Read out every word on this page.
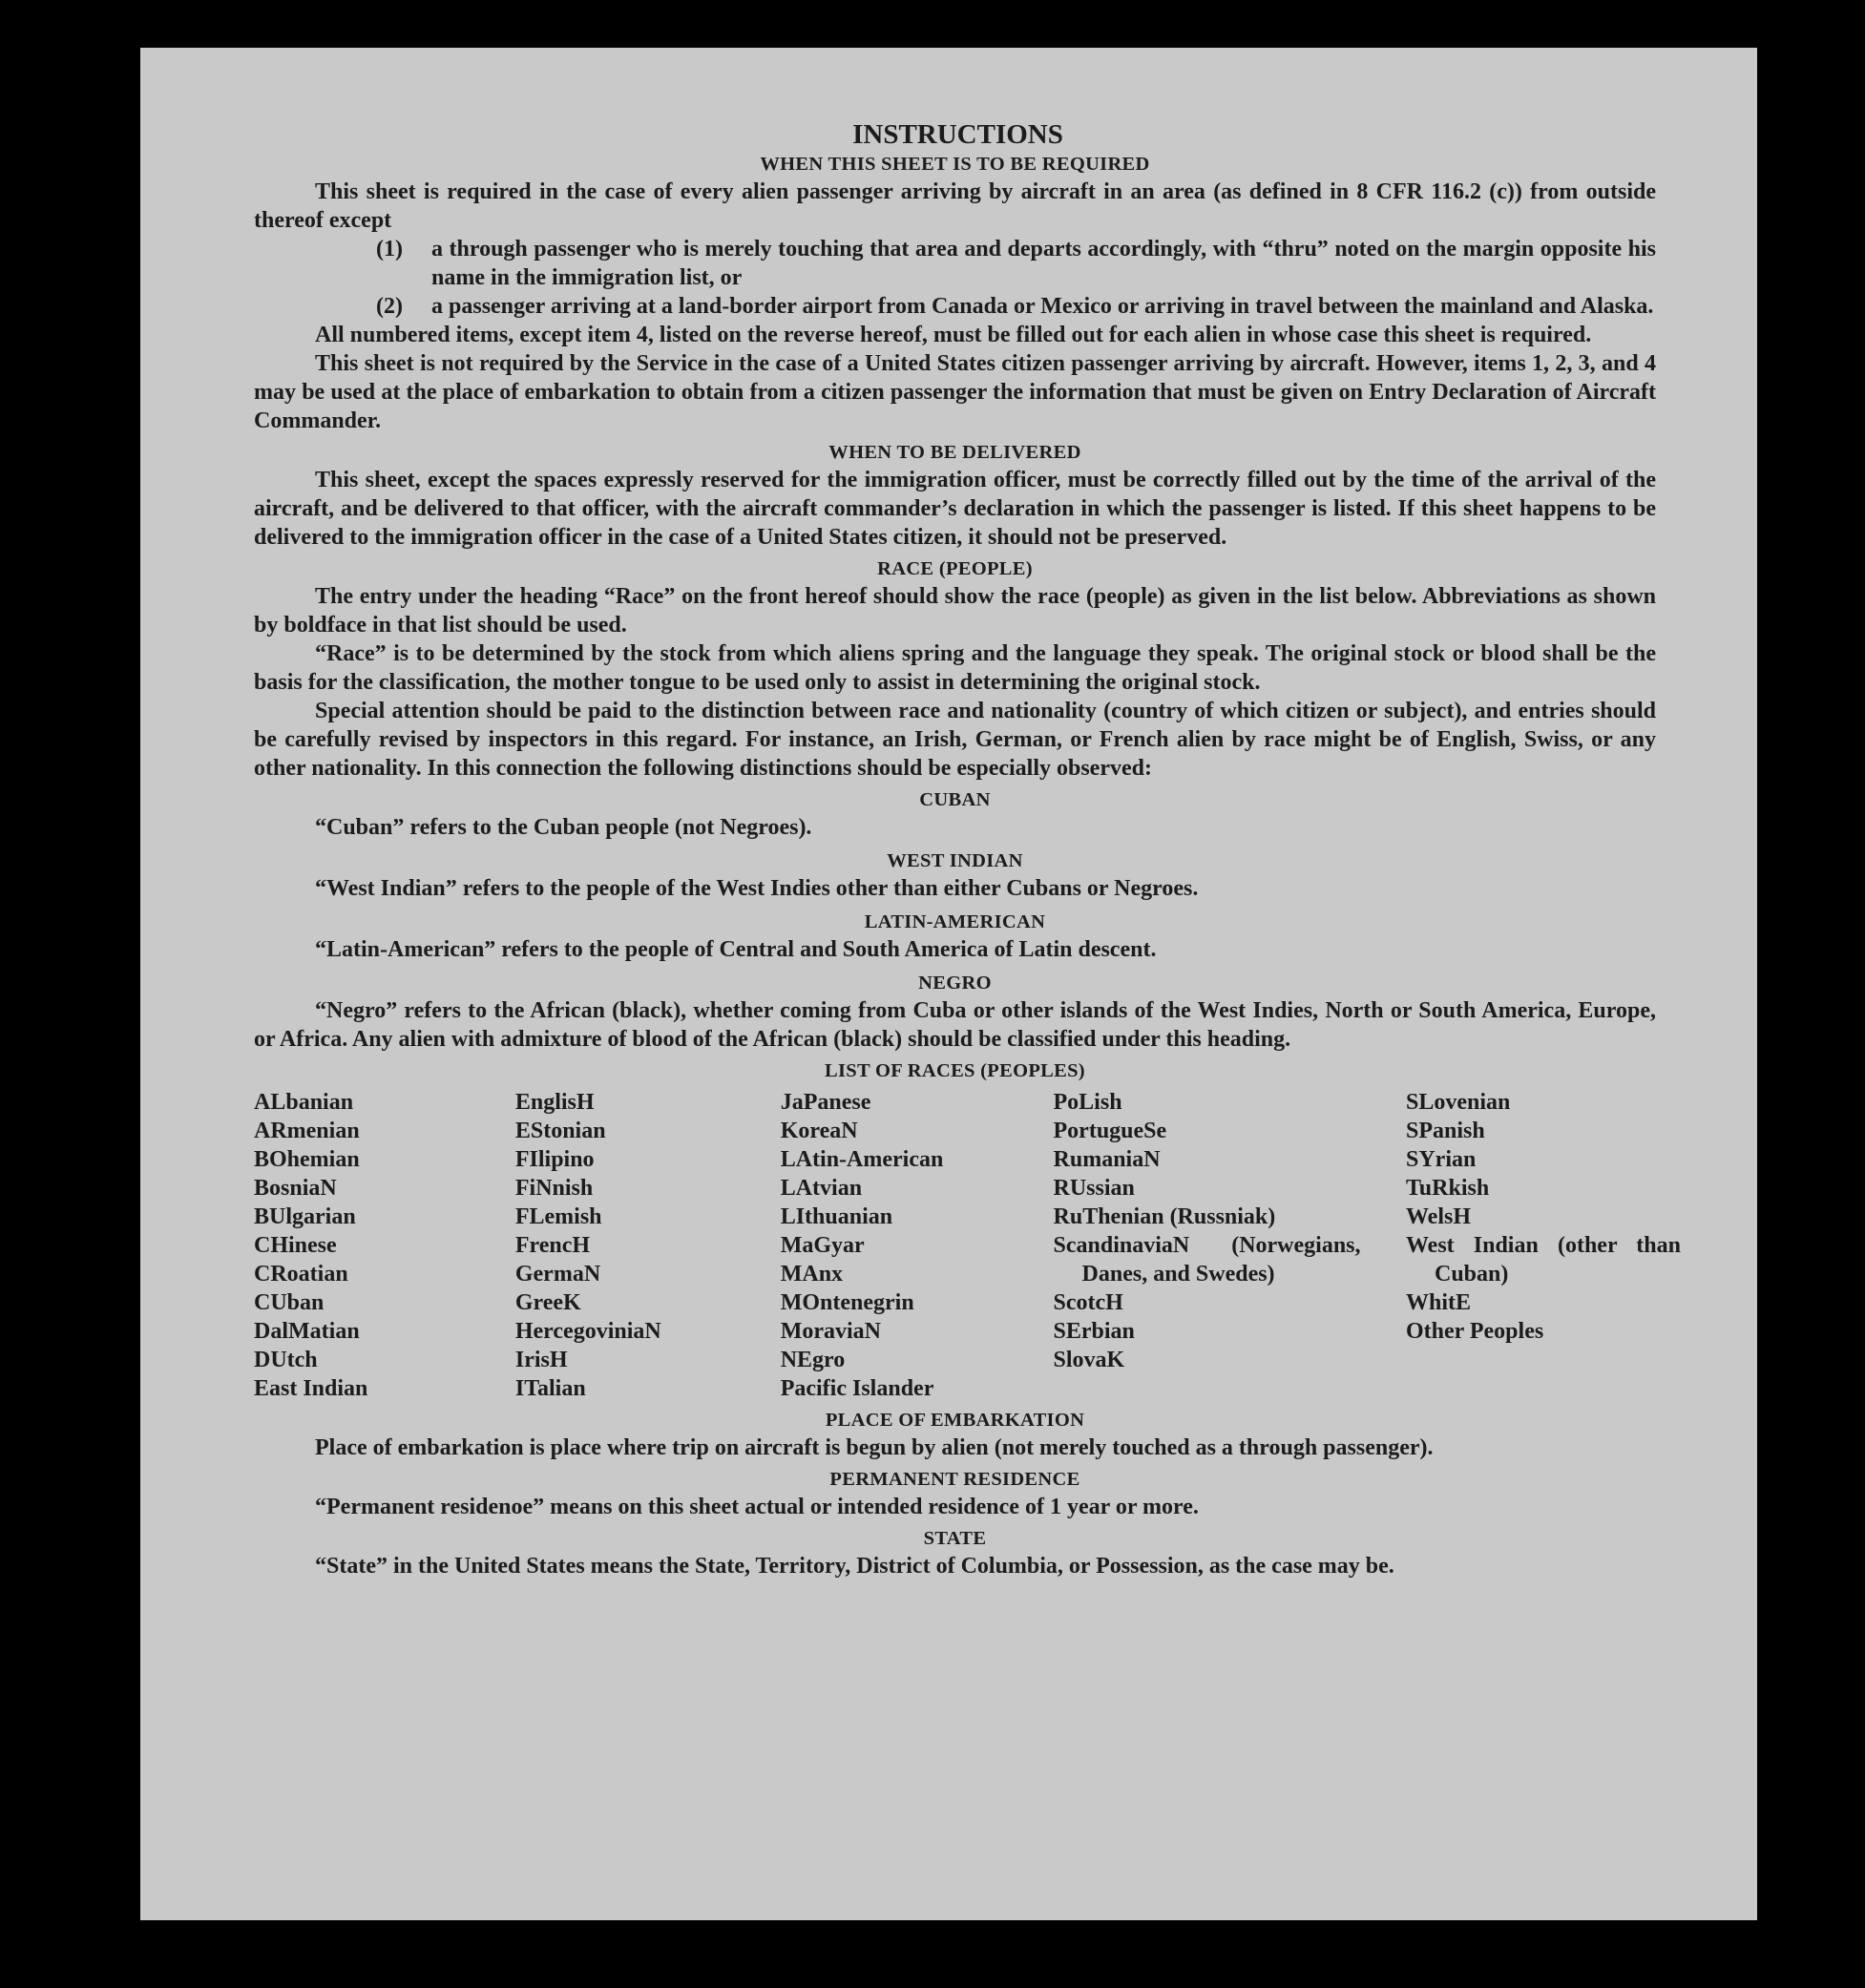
INSTRUCTIONS
WHEN THIS SHEET IS TO BE REQUIRED

This sheet is required in the case of every alien passenger arriving by aircraft in an area (as defined in 8 CFR 116.2 (c)) from outside thereof except

(1)	a through passenger who is merely touching that area and departs accordingly, with “thru” noted on the margin opposite his name in the immigration list, or
(2)	a passenger arriving at a land-border airport from Canada or Mexico or arriving in travel between the mainland and Alaska.

All numbered items, except item 4, listed on the reverse hereof, must be filled out for each alien in whose case this sheet is required.

This sheet is not required by the Service in the case of a United States citizen passenger arriving by aircraft. However, items 1, 2, 3, and 4 may be used at the place of embarkation to obtain from a citizen passenger the information that must be given on Entry Declaration of Aircraft Commander.

WHEN TO BE DELIVERED

This sheet, except the spaces expressly reserved for the immigration officer, must be correctly filled out by the time of the arrival of the aircraft, and be delivered to that officer, with the aircraft commander’s declaration in which the passenger is listed. If this sheet happens to be delivered to the immigration officer in the case of a United States citizen, it should not be preserved.

RACE (PEOPLE)

The entry under the heading “Race” on the front hereof should show the race (people) as given in the list below. Abbreviations as shown by boldface in that list should be used.

“Race” is to be determined by the stock from which aliens spring and the language they speak. The original stock or blood shall be the basis for the classification, the mother tongue to be used only to assist in determining the original stock.

Special attention should be paid to the distinction between race and nationality (country of which citizen or subject), and entries should be carefully revised by inspectors in this regard. For instance, an Irish, German, or French alien by race might be of English, Swiss, or any other nationality. In this connection the following distinctions should be especially observed:

CUBAN

“Cuban” refers to the Cuban people (not Negroes).

WEST INDIAN

“West Indian” refers to the people of the West Indies other than either Cubans or Negroes.

LATIN-AMERICAN

“Latin-American” refers to the people of Central and South America of Latin descent.

NEGRO

“Negro” refers to the African (black), whether coming from Cuba or other islands of the West Indies, North or South America, Europe, or Africa. Any alien with admixture of blood of the African (black) should be classified under this heading.

LIST OF RACES (PEOPLES)
ALbanian
ARmenian
BOhemian
BosniaN
BUlgarian
CHinese
CRoatian
CUban
DalMatian
DUtch
East Indian
EnglisH
EStonian
FIlipino
FiNnish
FLemish
FrencH
GermaN
GreeK
HercegoviniaN
IrisH
ITalian
JaPanese
KoreaN
LAtin-American
LAtvian
LIthuanian
MaGyar
MAnx
MOntenegrin
MoraviaN
NEgro
Pacific Islander
PoLish
PortugueSe
RumaniaN
RUssian
RuThenian (Russniak)
ScandinaviaN (Norwegians, Danes, and Swedes)
ScotcH
SErbian
SlovaK
SLovenian
SPanish
SYrian
TuRkish
WelsH
West Indian (other than Cuban)
WhitE
Other Peoples
PLACE OF EMBARKATION

Place of embarkation is place where trip on aircraft is begun by alien (not merely touched as a through passenger).

PERMANENT RESIDENCE

“Permanent residenoe” means on this sheet actual or intended residence of 1 year or more.

STATE

“State” in the United States means the State, Territory, District of Columbia, or Possession, as the case may be.
